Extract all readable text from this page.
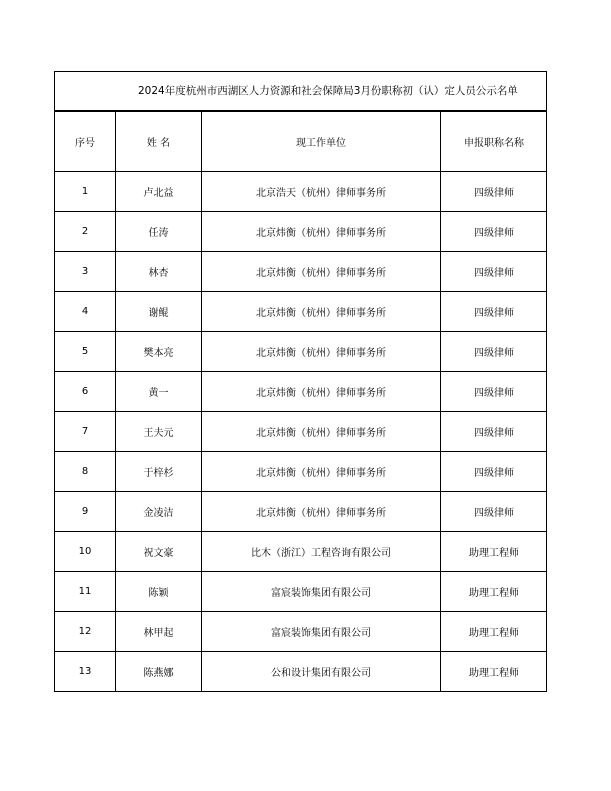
2024年度杭州市西湖区人力资源和社会保障局3月份职称初（认）定人员公示名单
序号	姓 名	现工作单位	申报职称名称
1	卢北益	北京浩天（杭州）律师事务所	四级律师
2	任涛	北京炜衡（杭州）律师事务所	四级律师
3	林杏	北京炜衡（杭州）律师事务所	四级律师
4	谢鲲	北京炜衡（杭州）律师事务所	四级律师
5	樊本亮	北京炜衡（杭州）律师事务所	四级律师
6	黄一	北京炜衡（杭州）律师事务所	四级律师
7	王夫元	北京炜衡（杭州）律师事务所	四级律师
8	于梓杉	北京炜衡（杭州）律师事务所	四级律师
9	金凌洁	北京炜衡（杭州）律师事务所	四级律师
10	祝文豪	比木（浙江）工程咨询有限公司	助理工程师
11	陈颖	富宸装饰集团有限公司	助理工程师
12	林甲起	富宸装饰集团有限公司	助理工程师
13	陈燕娜	公和设计集团有限公司	助理工程师
